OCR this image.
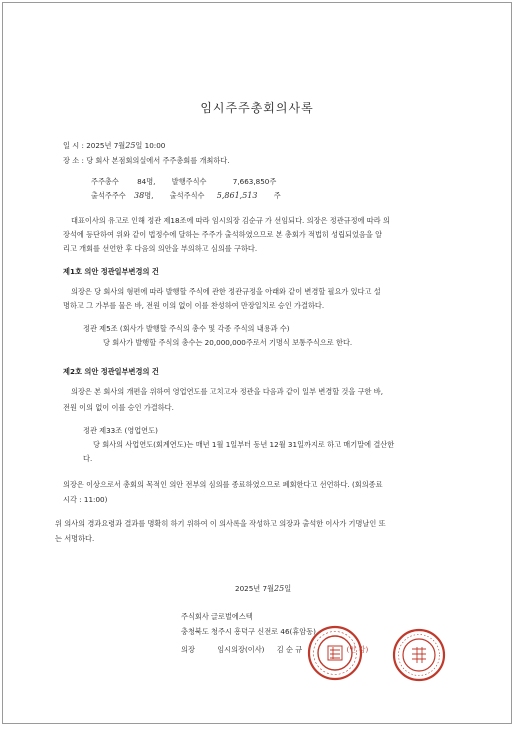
임시주주총회의사록
일 시 : 2025년 7월25일 10:00
장 소 : 당 회사 본점회의실에서 주주총회를 개최하다.
주주총수	84명, 발행주식수	7,663,850주
출석주주수 38명, 출석주식수 5,861,513 주
대표이사의 유고로 인해 정관 제18조에 따라 임시의장 김순규 가 선임되다. 의장은 정관규정에 따라 의
장석에 등단하여 위와 같이 법정수에 달하는 주주가 출석하였으므로 본 총회가 적법히 성립되었음을 알
리고 개회를 선언한 후 다음의 의안을 부의하고 심의를 구하다.
제1호 의안 정관일부변경의 건
의장은 당 회사의 형편에 따라 발행할 주식에 관한 정관규정을 아래와 같이 변경할 필요가 있다고 설
명하고 그 가부를 물은 바, 전원 이의 없이 이를 찬성하여 만장일치로 승인 가결하다.
정관 제5조 (회사가 발행할 주식의 총수 및 각종 주식의 내용과 수)
당 회사가 발행할 주식의 총수는 20,000,000주로서 기명식 보통주식으로 한다.
제2호 의안 정관일부변경의 건
의장은 본 회사의 개편을 위하여 영업연도를 고치고자 정관을 다음과 같이 일부 변경할 것을 구한 바,
전원 이의 없이 이를 승인 가결하다.
정관 제33조 (영업연도)
당 회사의 사업연도(회계연도)는 매년 1월 1일부터 동년 12월 31일까지로 하고 매기말에 결산한
다.
의장은 이상으로서 총회의 목적인 의안 전부의 심의를 종료하였으므로 폐회한다고 선언하다. (회의종료
시각 : 11:00)
위 의사의 경과요령과 결과를 명확히 하기 위하여 이 의사록을 작성하고 의장과 출석한 이사가 기명날인 또
는 서명하다.
2025년 7월25일
주식회사 글로벌에스텍
충청북도 청주시 흥덕구 신전로 46(휴암동)
의장	임시의장(이사) 김 순 규	(인 감)
